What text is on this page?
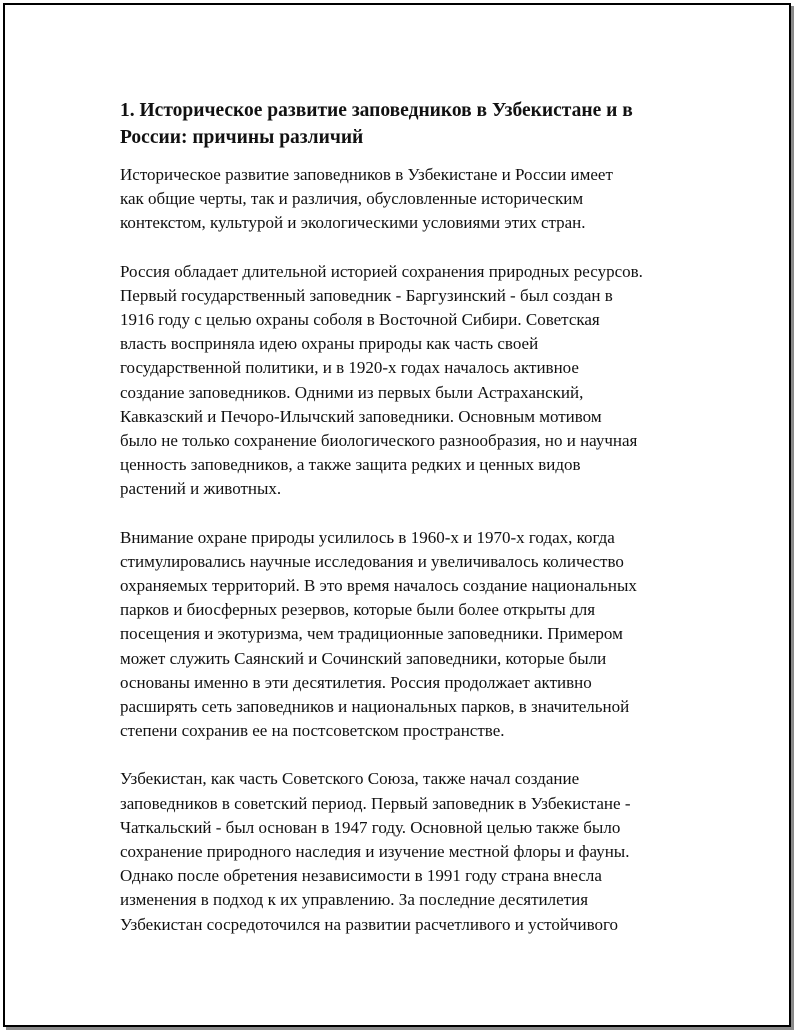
1. Историческое развитие заповедников в Узбекистане и в
России: причины различий

Историческое развитие заповедников в Узбекистане и России имеет
как общие черты, так и различия, обусловленные историческим
контекстом, культурой и экологическими условиями этих стран.

Россия обладает длительной историей сохранения природных ресурсов.
Первый государственный заповедник - Баргузинский - был создан в
1916 году с целью охраны соболя в Восточной Сибири. Советская
власть восприняла идею охраны природы как часть своей
государственной политики, и в 1920-х годах началось активное
создание заповедников. Одними из первых были Астраханский,
Кавказский и Печоро-Илычский заповедники. Основным мотивом
было не только сохранение биологического разнообразия, но и научная
ценность заповедников, а также защита редких и ценных видов
растений и животных.

Внимание охране природы усилилось в 1960-х и 1970-х годах, когда
стимулировались научные исследования и увеличивалось количество
охраняемых территорий. В это время началось создание национальных
парков и биосферных резервов, которые были более открыты для
посещения и экотуризма, чем традиционные заповедники. Примером
может служить Саянский и Сочинский заповедники, которые были
основаны именно в эти десятилетия. Россия продолжает активно
расширять сеть заповедников и национальных парков, в значительной
степени сохранив ее на постсоветском пространстве.

Узбекистан, как часть Советского Союза, также начал создание
заповедников в советский период. Первый заповедник в Узбекистане -
Чаткальский - был основан в 1947 году. Основной целью также было
сохранение природного наследия и изучение местной флоры и фауны.
Однако после обретения независимости в 1991 году страна внесла
изменения в подход к их управлению. За последние десятилетия
Узбекистан сосредоточился на развитии расчетливого и устойчивого
